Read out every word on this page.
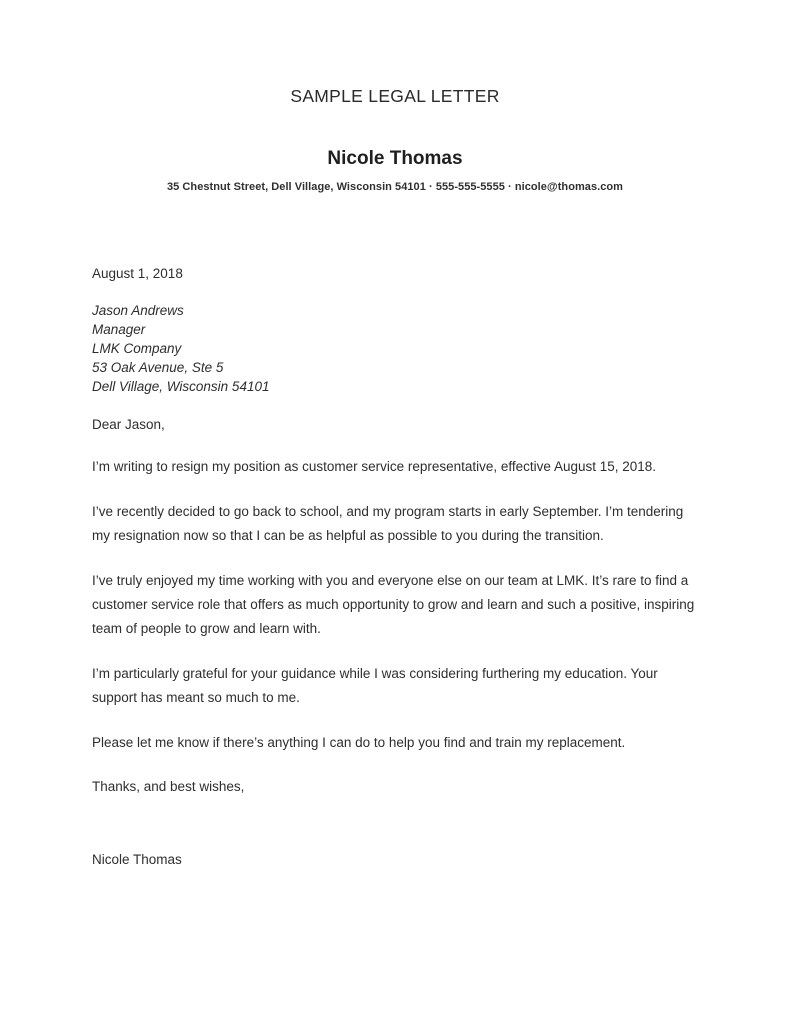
SAMPLE LEGAL LETTER
Nicole Thomas

35 Chestnut Street, Dell Village, Wisconsin 54101 · 555-555-5555 · nicole@thomas.com

August 1, 2018

Jason Andrews
Manager
LMK Company
53 Oak Avenue, Ste 5
Dell Village, Wisconsin 54101

Dear Jason,

I’m writing to resign my position as customer service representative, effective August 15, 2018.

I’ve recently decided to go back to school, and my program starts in early September. I’m tendering my resignation now so that I can be as helpful as possible to you during the transition.

I’ve truly enjoyed my time working with you and everyone else on our team at LMK. It’s rare to find a customer service role that offers as much opportunity to grow and learn and such a positive, inspiring team of people to grow and learn with.

I’m particularly grateful for your guidance while I was considering furthering my education. Your support has meant so much to me.

Please let me know if there’s anything I can do to help you find and train my replacement.

Thanks, and best wishes,

Nicole Thomas
